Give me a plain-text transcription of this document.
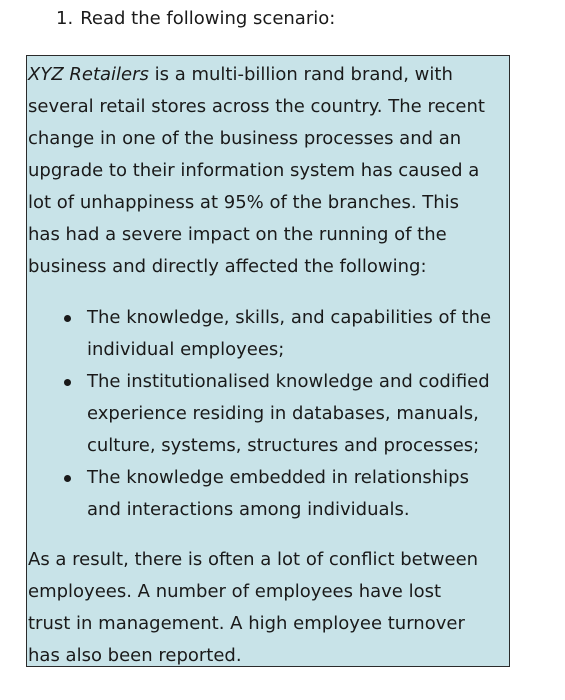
1. Read the following scenario:

XYZ Retailers is a multi-billion rand brand, with
several retail stores across the country. The recent
change in one of the business processes and an
upgrade to their information system has caused a
lot of unhappiness at 95% of the branches. This
has had a severe impact on the running of the
business and directly affected the following:

The knowledge, skills, and capabilities of the
individual employees;
The institutionalised knowledge and codified
experience residing in databases, manuals,
culture, systems, structures and processes;
The knowledge embedded in relationships
and interactions among individuals.

As a result, there is often a lot of conflict between
employees. A number of employees have lost
trust in management. A high employee turnover
has also been reported.
